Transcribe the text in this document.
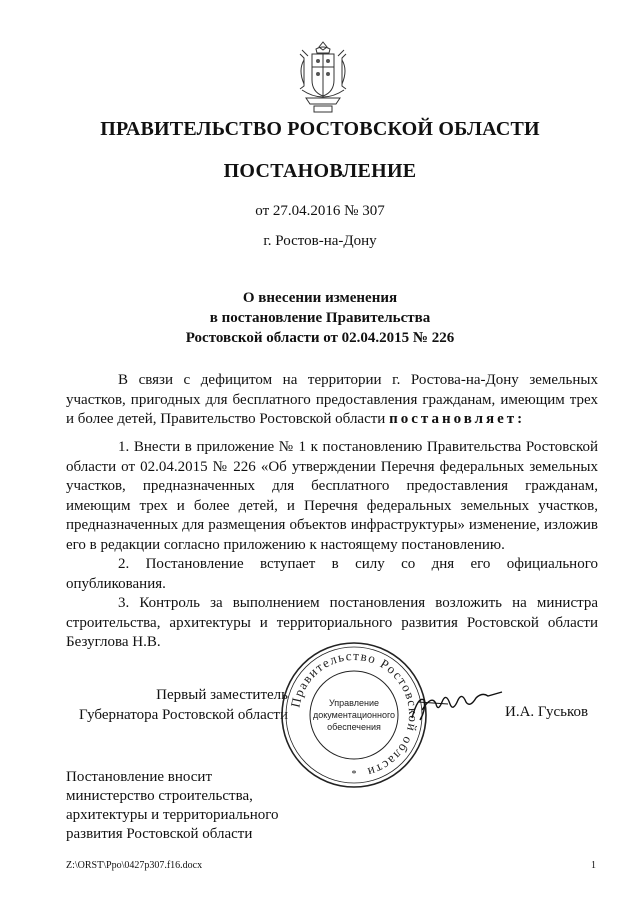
ПРАВИТЕЛЬСТВО РОСТОВСКОЙ ОБЛАСТИ
ПОСТАНОВЛЕНИЕ
от 27.04.2016 № 307
г. Ростов-на-Дону
О внесении изменения
в постановление Правительства
Ростовской области от 02.04.2015 № 226

В связи с дефицитом на территории г. Ростова-на-Дону земельных участков, пригодных для бесплатного предоставления гражданам, имеющим трех и более детей, Правительство Ростовской области постановляет:

1. Внести в приложение № 1 к постановлению Правительства Ростовской области от 02.04.2015 № 226 «Об утверждении Перечня федеральных земельных участков, предназначенных для бесплатного предоставления гражданам, имеющим трех и более детей, и Перечня федеральных земельных участков, предназначенных для размещения объектов инфраструктуры» изменение, изложив его в редакции согласно приложению к настоящему постановлению.

2. Постановление вступает в силу со дня его официального опубликования.

3. Контроль за выполнением постановления возложить на министра строительства, архитектуры и территориального развития Ростовской области Безуглова Н.В.

Первый заместитель
Губернатора Ростовской области
Правительство Ростовской области
Управление
документационного
обеспечения
*
И.А. Гуськов
Постановление вносит
министерство строительства,
архитектуры и территориального
развития Ростовской области
Z:\ORST\Ppo\0427p307.f16.docx	1
